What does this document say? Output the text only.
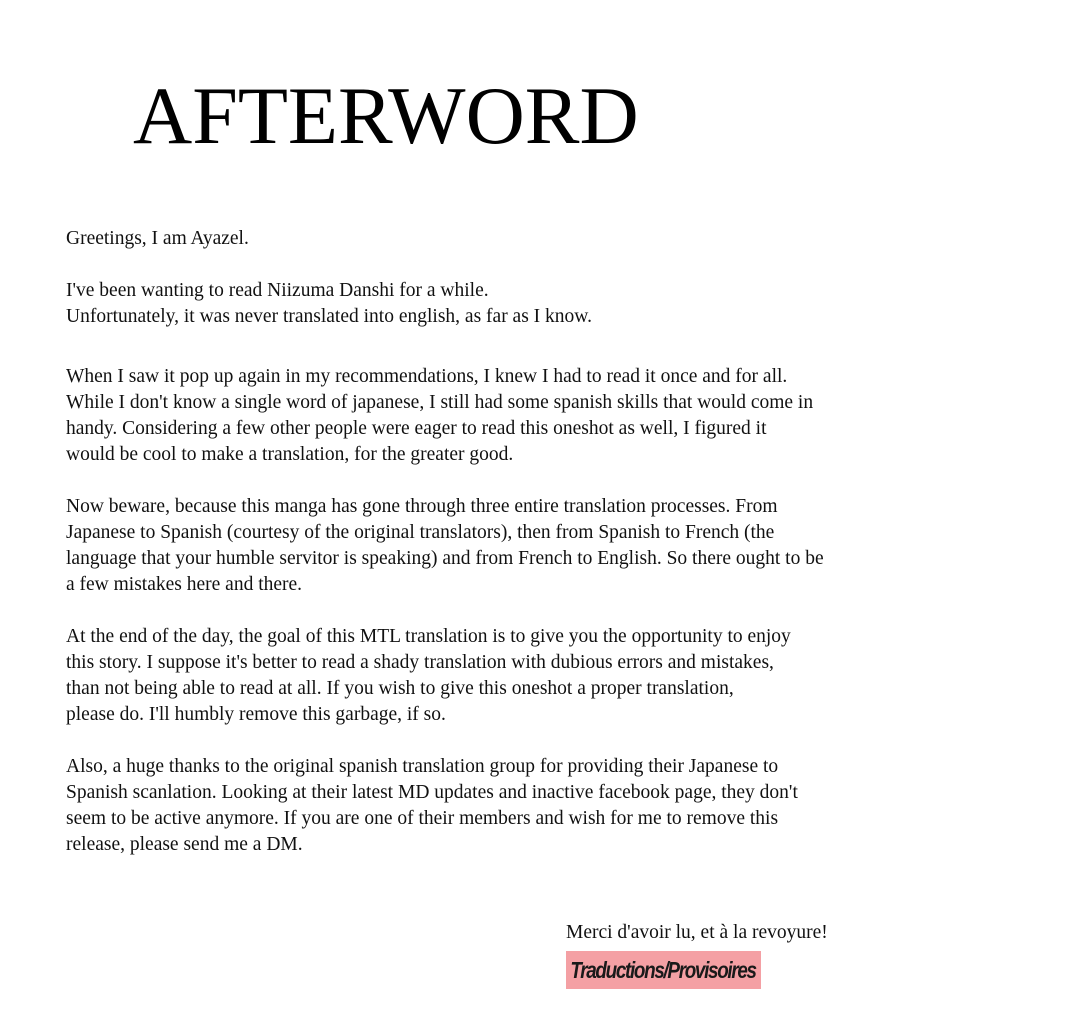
AFTERWORD

Greetings, I am Ayazel.

I've been wanting to read Niizuma Danshi for a while.
Unfortunately, it was never translated into english, as far as I know.

When I saw it pop up again in my recommendations, I knew I had to read it once and for all.
While I don't know a single word of japanese, I still had some spanish skills that would come in
handy. Considering a few other people were eager to read this oneshot as well, I figured it
would be cool to make a translation, for the greater good.

Now beware, because this manga has gone through three entire translation processes. From
Japanese to Spanish (courtesy of the original translators), then from Spanish to French (the
language that your humble servitor is speaking) and from French to English. So there ought to be
a few mistakes here and there.

At the end of the day, the goal of this MTL translation is to give you the opportunity to enjoy
this story. I suppose it's better to read a shady translation with dubious errors and mistakes,
than not being able to read at all. If you wish to give this oneshot a proper translation,
please do. I'll humbly remove this garbage, if so.

Also, a huge thanks to the original spanish translation group for providing their Japanese to
Spanish scanlation. Looking at their latest MD updates and inactive facebook page, they don't
seem to be active anymore. If you are one of their members and wish for me to remove this
release, please send me a DM.

Merci d'avoir lu, et à la revoyure!
Traductions/Provisoires
